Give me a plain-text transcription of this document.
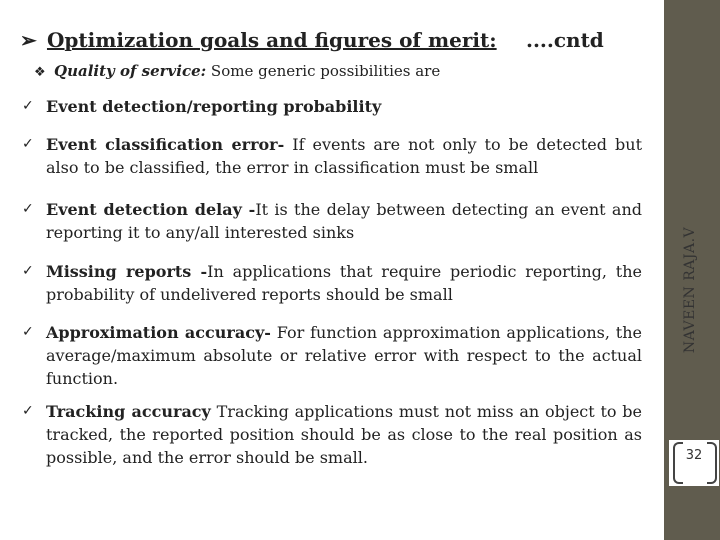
NAVEEN RAJA.V
32
➢ Optimization goals and figures of merit: ....cntd
❖ Quality of service: Some generic possibilities are
✓ Event detection/reporting probability
✓ Event classification error- If events are not only to be detected but also to be classified, the error in classification must be small
✓ Event detection delay -It is the delay between detecting an event and reporting it to any/all interested sinks
✓ Missing reports -In applications that require periodic reporting, the probability of undelivered reports should be small
✓ Approximation accuracy- For function approximation applications, the average/maximum absolute or relative error with respect to the actual function.
✓ Tracking accuracy Tracking applications must not miss an object to be tracked, the reported position should be as close to the real position as possible, and the error should be small.
